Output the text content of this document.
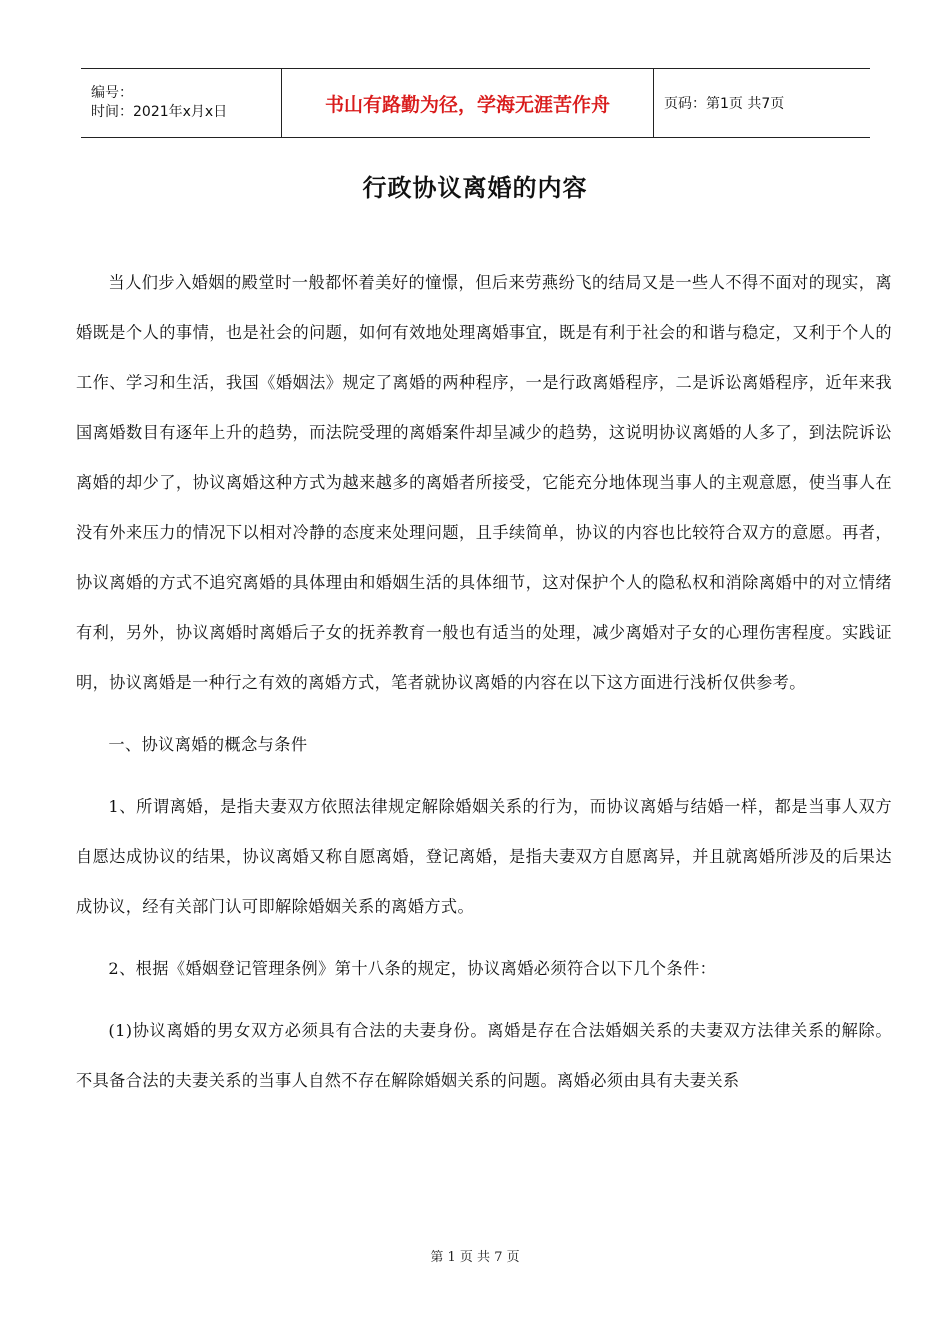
编号：
时间：2021年x月x日	书山有路勤为径，学海无涯苦作舟	页码：第1页 共7页
行政协议离婚的内容

当人们步入婚姻的殿堂时一般都怀着美好的憧憬，但后来劳燕纷飞的结局又是一些人不得不面对的现实，离婚既是个人的事情，也是社会的问题，如何有效地处理离婚事宜，既是有利于社会的和谐与稳定，又利于个人的工作、学习和生活，我国《婚姻法》规定了离婚的两种程序，一是行政离婚程序，二是诉讼离婚程序，近年来我国离婚数目有逐年上升的趋势，而法院受理的离婚案件却呈减少的趋势，这说明协议离婚的人多了，到法院诉讼离婚的却少了，协议离婚这种方式为越来越多的离婚者所接受，它能充分地体现当事人的主观意愿，使当事人在没有外来压力的情况下以相对冷静的态度来处理问题，且手续简单，协议的内容也比较符合双方的意愿。再者，协议离婚的方式不追究离婚的具体理由和婚姻生活的具体细节，这对保护个人的隐私权和消除离婚中的对立情绪有利，另外，协议离婚时离婚后子女的抚养教育一般也有适当的处理，减少离婚对子女的心理伤害程度。实践证明，协议离婚是一种行之有效的离婚方式，笔者就协议离婚的内容在以下这方面进行浅析仅供参考。

一、协议离婚的概念与条件

1、所谓离婚，是指夫妻双方依照法律规定解除婚姻关系的行为，而协议离婚与结婚一样，都是当事人双方自愿达成协议的结果，协议离婚又称自愿离婚，登记离婚，是指夫妻双方自愿离异，并且就离婚所涉及的后果达成协议，经有关部门认可即解除婚姻关系的离婚方式。

2、根据《婚姻登记管理条例》第十八条的规定，协议离婚必须符合以下几个条件：

(1)协议离婚的男女双方必须具有合法的夫妻身份。离婚是存在合法婚姻关系的夫妻双方法律关系的解除。不具备合法的夫妻关系的当事人自然不存在解除婚姻关系的问题。离婚必须由具有夫妻关系

第 1 页 共 7 页
